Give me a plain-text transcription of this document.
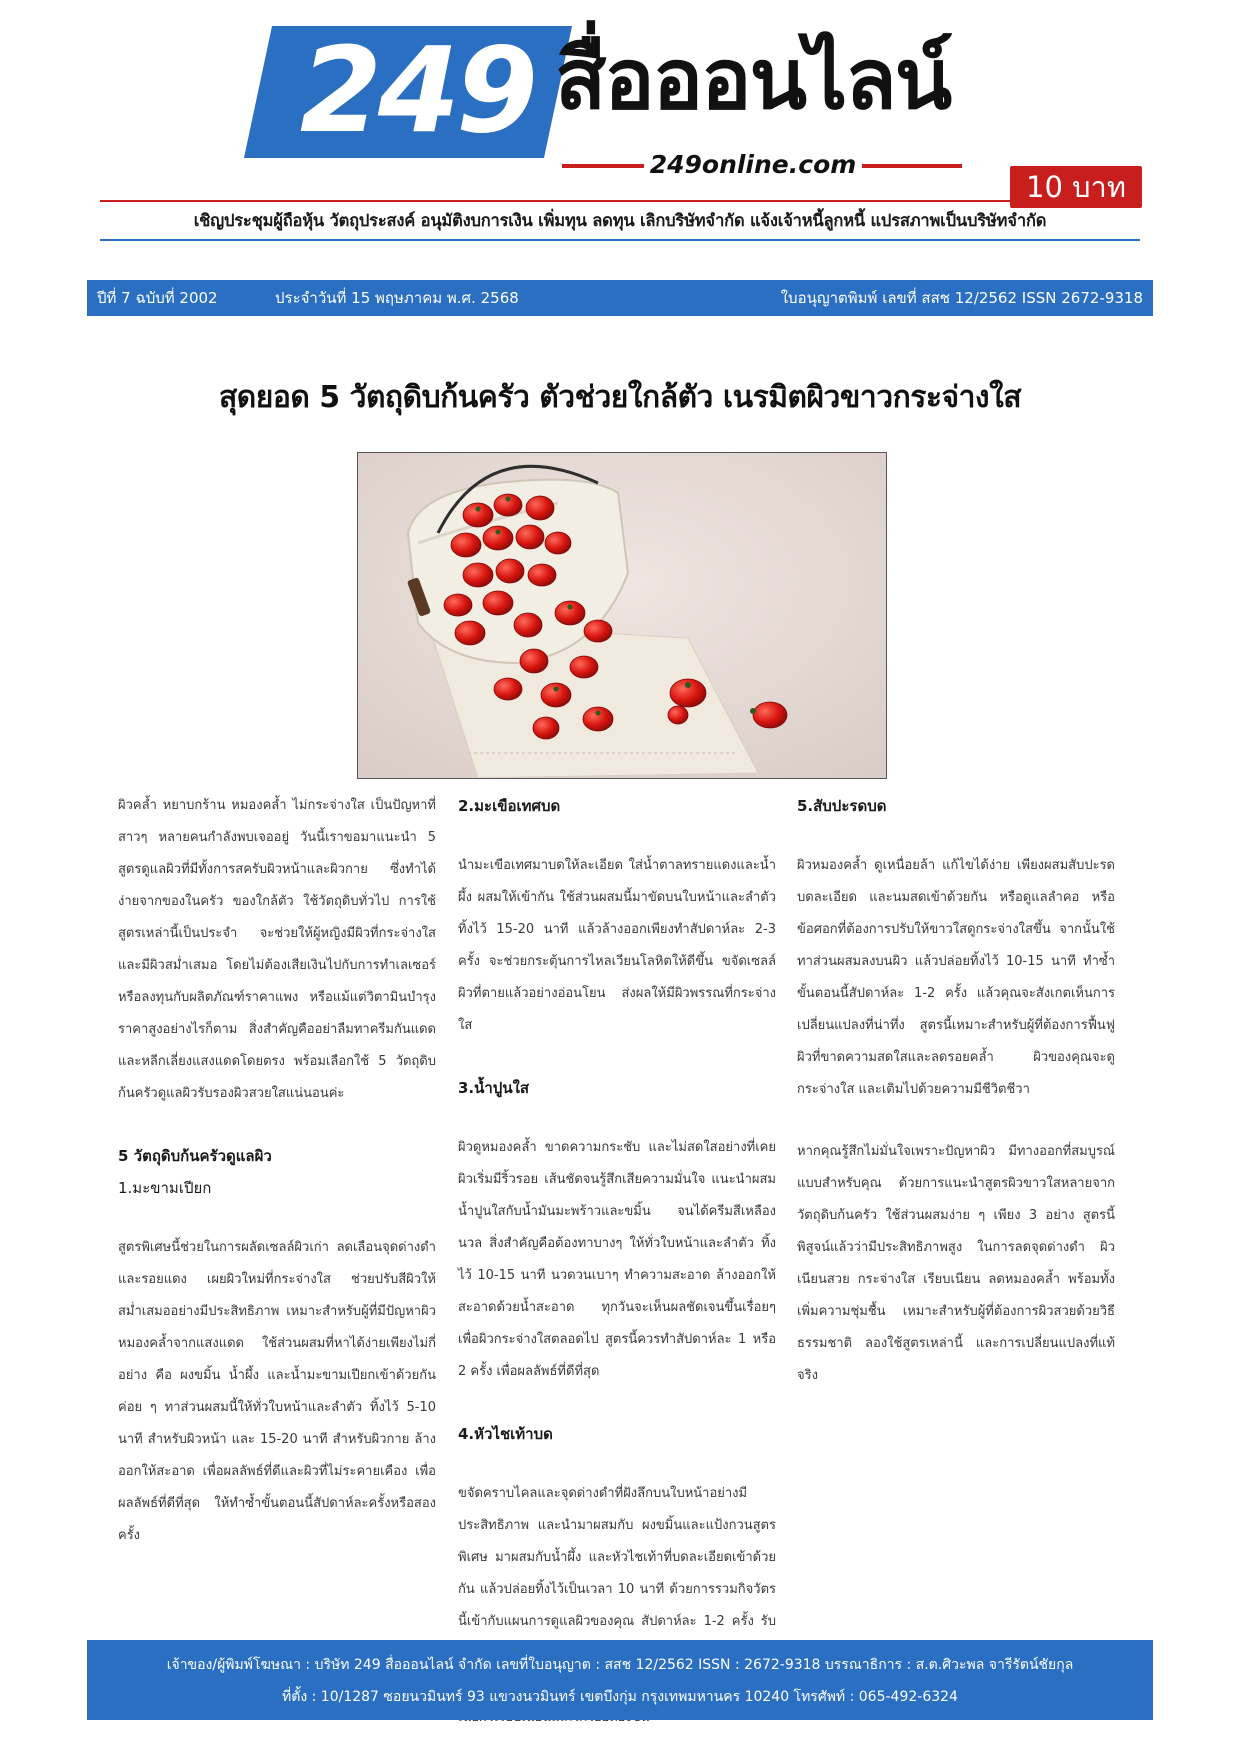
249 สื่อออนไลน์
249online.com
10 บาท
เชิญประชุมผู้ถือหุ้น วัตถุประสงค์ อนุมัติงบการเงิน เพิ่มทุน ลดทุน เลิกบริษัทจำกัด แจ้งเจ้าหนี้ลูกหนี้ แปรสภาพเป็นบริษัทจำกัด
ปีที่ 7 ฉบับที่ 2002	ประจำวันที่ 15 พฤษภาคม พ.ศ. 2568	ใบอนุญาตพิมพ์ เลขที่ สสช 12/2562 ISSN 2672-9318
สุดยอด 5 วัตถุดิบก้นครัว ตัวช่วยใกล้ตัว เนรมิตผิวขาวกระจ่างใส

ผิวคล้ำ หยาบกร้าน หมองคล้ำ ไม่กระจ่างใส เป็นปัญหาที่สาวๆ หลายคนกำลังพบเจออยู่ วันนี้เราขอมาแนะนำ 5 สูตรดูแลผิวที่มีทั้งการสครับผิวหน้าและผิวกาย ซึ่งทำได้ง่ายจากของในครัว ของใกล้ตัว ใช้วัตถุดิบทั่วไป การใช้สูตรเหล่านี้เป็นประจำ จะช่วยให้ผู้หญิงมีผิวที่กระจ่างใสและมีผิวสม่ำเสมอ โดยไม่ต้องเสียเงินไปกับการทำเลเซอร์ หรือลงทุนกับผลิตภัณฑ์ราคาแพง หรือแม้แต่วิตามินบำรุงราคาสูงอย่างไรก็ตาม สิ่งสำคัญคืออย่าลืมทาครีมกันแดด และหลีกเลี่ยงแสงแดดโดยตรง พร้อมเลือกใช้ 5 วัตถุดิบก้นครัวดูแลผิวรับรองผิวสวยใสแน่นอนค่ะ

5 วัตถุดิบก้นครัวดูแลผิว
1.มะขามเปียก

สูตรพิเศษนี้ช่วยในการผลัดเซลล์ผิวเก่า ลดเลือนจุดด่างดำและรอยแดง เผยผิวใหม่ที่กระจ่างใส ช่วยปรับสีผิวให้สม่ำเสมออย่างมีประสิทธิภาพ เหมาะสำหรับผู้ที่มีปัญหาผิวหมองคล้ำจากแสงแดด ใช้ส่วนผสมที่หาได้ง่ายเพียงไม่กี่อย่าง คือ ผงขมิ้น น้ำผึ้ง และน้ำมะขามเปียกเข้าด้วยกัน ค่อย ๆ ทาส่วนผสมนี้ให้ทั่วใบหน้าและลำตัว ทิ้งไว้ 5-10 นาที สำหรับผิวหน้า และ 15-20 นาที สำหรับผิวกาย ล้างออกให้สะอาด เพื่อผลลัพธ์ที่ดีและผิวที่ไม่ระคายเคือง เพื่อผลลัพธ์ที่ดีที่สุด ให้ทำซ้ำขั้นตอนนี้สัปดาห์ละครั้งหรือสองครั้ง

2.มะเขือเทศบด

นำมะเขือเทศมาบดให้ละเอียด ใส่น้ำตาลทรายแดงและน้ำผึ้ง ผสมให้เข้ากัน ใช้ส่วนผสมนี้มาขัดบนใบหน้าและลำตัว ทิ้งไว้ 15-20 นาที แล้วล้างออกเพียงทำสัปดาห์ละ 2-3 ครั้ง จะช่วยกระตุ้นการไหลเวียนโลหิตให้ดีขึ้น ขจัดเซลล์ผิวที่ตายแล้วอย่างอ่อนโยน ส่งผลให้มีผิวพรรณที่กระจ่างใส

3.น้ำปูนใส

ผิวดูหมองคล้ำ ขาดความกระชับ และไม่สดใสอย่างที่เคย ผิวเริ่มมีริ้วรอย เส้นชัดจนรู้สึกเสียความมั่นใจ แนะนำผสมน้ำปูนใสกับน้ำมันมะพร้าวและขมิ้น จนได้ครีมสีเหลืองนวล สิ่งสำคัญคือต้องทาบางๆ ให้ทั่วใบหน้าและลำตัว ทิ้งไว้ 10-15 นาที นวดวนเบาๆ ทำความสะอาด ล้างออกให้สะอาดด้วยน้ำสะอาด ทุกวันจะเห็นผลชัดเจนขึ้นเรื่อยๆ เพื่อผิวกระจ่างใสตลอดไป สูตรนี้ควรทำสัปดาห์ละ 1 หรือ 2 ครั้ง เพื่อผลลัพธ์ที่ดีที่สุด

4.หัวไชเท้าบด

ขจัดคราบไคลและจุดด่างดำที่ฝังลึกบนใบหน้าอย่างมีประสิทธิภาพ และนำมาผสมกับ ผงขมิ้นและแป้งกวนสูตรพิเศษ มาผสมกับน้ำผึ้ง และหัวไชเท้าที่บดละเอียดเข้าด้วยกัน แล้วปล่อยทิ้งไว้เป็นเวลา 10 นาที ด้วยการรวมกิจวัตรนี้เข้ากับแผนการดูแลผิวของคุณ สัปดาห์ละ 1-2 ครั้ง รับ

5.สับปะรดบด

ผิวหมองคล้ำ ดูเหนื่อยล้า แก้ไขได้ง่าย เพียงผสมสับปะรดบดละเอียด และนมสดเข้าด้วยกัน หรือดูแลลำคอ หรือข้อศอกที่ต้องการปรับให้ขาวใสดูกระจ่างใสขึ้น จากนั้นใช้ทาส่วนผสมลงบนผิว แล้วปล่อยทิ้งไว้ 10-15 นาที ทำซ้ำขั้นตอนนี้สัปดาห์ละ 1-2 ครั้ง แล้วคุณจะสังเกตเห็นการเปลี่ยนแปลงที่น่าทึ่ง สูตรนี้เหมาะสำหรับผู้ที่ต้องการฟื้นฟูผิวที่ขาดความสดใสและลดรอยคล้ำ ผิวของคุณจะดูกระจ่างใส และเติมไปด้วยความมีชีวิตชีวา

หากคุณรู้สึกไม่มั่นใจเพราะปัญหาผิว มีทางออกที่สมบูรณ์แบบสำหรับคุณ ด้วยการแนะนำสูตรผิวขาวใสหลายจากวัตถุดิบก้นครัว ใช้ส่วนผสมง่าย ๆ เพียง 3 อย่าง สูตรนี้พิสูจน์แล้วว่ามีประสิทธิภาพสูง ในการลดจุดด่างดำ ผิวเนียนสวย กระจ่างใส เรียบเนียน ลดหมองคล้ำ พร้อมทั้งเพิ่มความชุ่มชื้น เหมาะสำหรับผู้ที่ต้องการผิวสวยด้วยวิธีธรรมชาติ ลองใช้สูตรเหล่านี้ และการเปลี่ยนแปลงที่แท้จริง

เจ้าของ/ผู้พิมพ์โฆษณา : บริษัท 249 สื่อออนไลน์ จำกัด เลขที่ใบอนุญาต : สสช 12/2562 ISSN : 2672-9318 บรรณาธิการ : ส.ต.ศิวะพล จารีรัตน์ชัยกุล
ที่ตั้ง : 10/1287 ซอยนวมินทร์ 93 แขวงนวมินทร์ เขตบึงกุ่ม กรุงเทพมหานคร 10240 โทรศัพท์ : 065-492-6324
